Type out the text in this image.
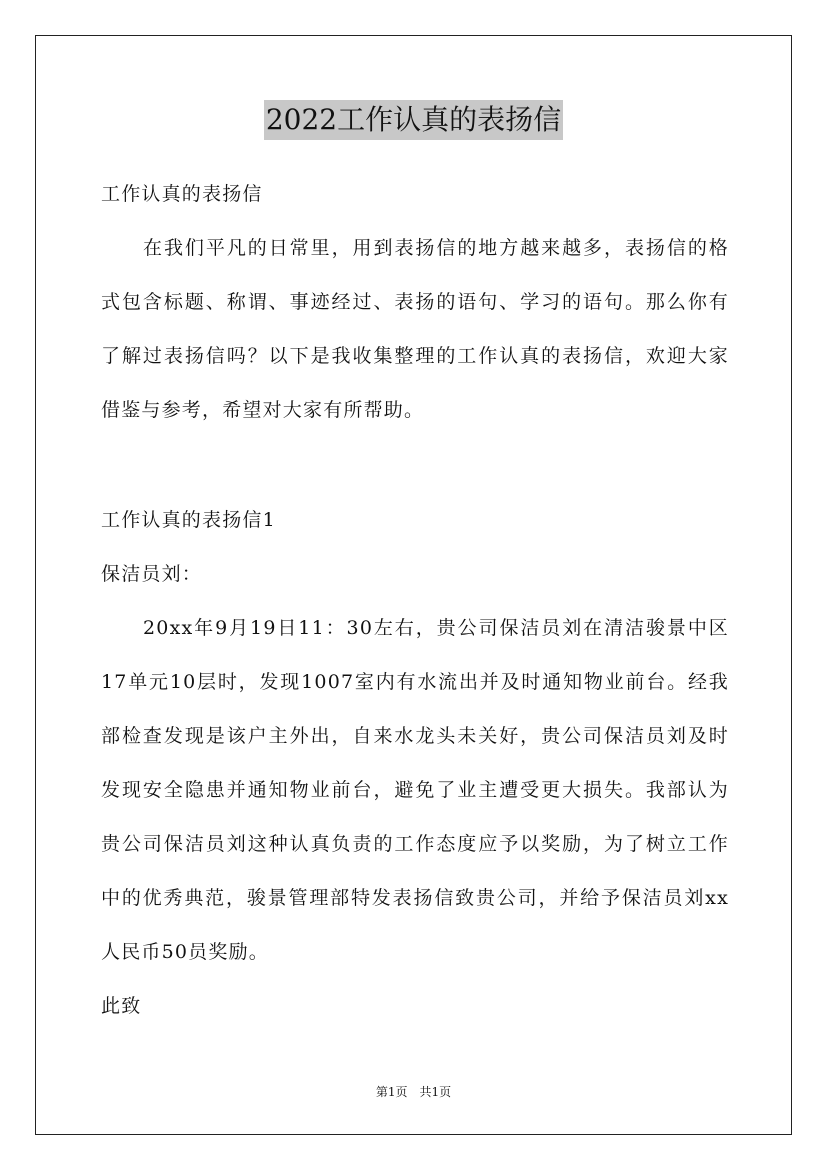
2022工作认真的表扬信
工作认真的表扬信
在我们平凡的日常里，用到表扬信的地方越来越多，表扬信的格
式包含标题、称谓、事迹经过、表扬的语句、学习的语句。那么你有
了解过表扬信吗？以下是我收集整理的工作认真的表扬信，欢迎大家
借鉴与参考，希望对大家有所帮助。
工作认真的表扬信1
保洁员刘：
20xx年9月19日11：30左右，贵公司保洁员刘在清洁骏景中区
17单元10层时，发现1007室内有水流出并及时通知物业前台。经我
部检查发现是该户主外出，自来水龙头未关好，贵公司保洁员刘及时
发现安全隐患并通知物业前台，避免了业主遭受更大损失。我部认为
贵公司保洁员刘这种认真负责的工作态度应予以奖励，为了树立工作
中的优秀典范，骏景管理部特发表扬信致贵公司，并给予保洁员刘xx
人民币50员奖励。
此致
第1页　共1页
